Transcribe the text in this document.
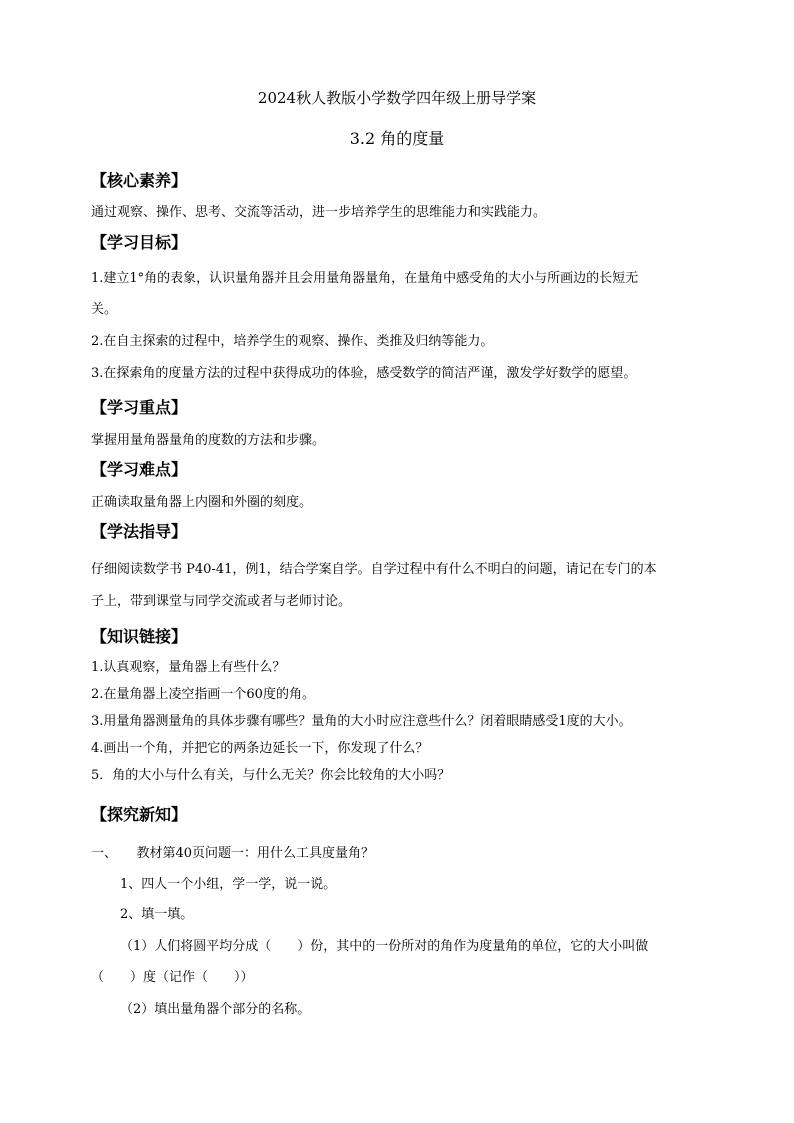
2024秋人教版小学数学四年级上册导学案
3.2 角的度量
【核心素养】
通过观察、操作、思考、交流等活动，进一步培养学生的思维能力和实践能力。
【学习目标】
1.建立1°角的表象，认识量角器并且会用量角器量角，在量角中感受角的大小与所画边的长短无
关。
2.在自主探索的过程中，培养学生的观察、操作、类推及归纳等能力。
3.在探索角的度量方法的过程中获得成功的体验，感受数学的简洁严谨，激发学好数学的愿望。
【学习重点】
掌握用量角器量角的度数的方法和步骤。
【学习难点】
正确读取量角器上内圈和外圈的刻度。
【学法指导】
仔细阅读数学书 P40-41，例1，结合学案自学。自学过程中有什么不明白的问题，请记在专门的本
子上，带到课堂与同学交流或者与老师讨论。
【知识链接】
1.认真观察，量角器上有些什么？
2.在量角器上凌空指画一个60度的角。
3.用量角器测量角的具体步骤有哪些？量角的大小时应注意些什么？闭着眼睛感受1度的大小。
4.画出一个角，并把它的两条边延长一下，你发现了什么？
5．角的大小与什么有关，与什么无关？你会比较角的大小吗？
【探究新知】
一、　　教材第40页问题一：用什么工具度量角？
1、四人一个小组，学一学，说一说。
2、填一填。
（1）人们将圆平均分成（　　）份，其中的一份所对的角作为度量角的单位，它的大小叫做
（　　）度（记作（　　））
（2）填出量角器个部分的名称。
